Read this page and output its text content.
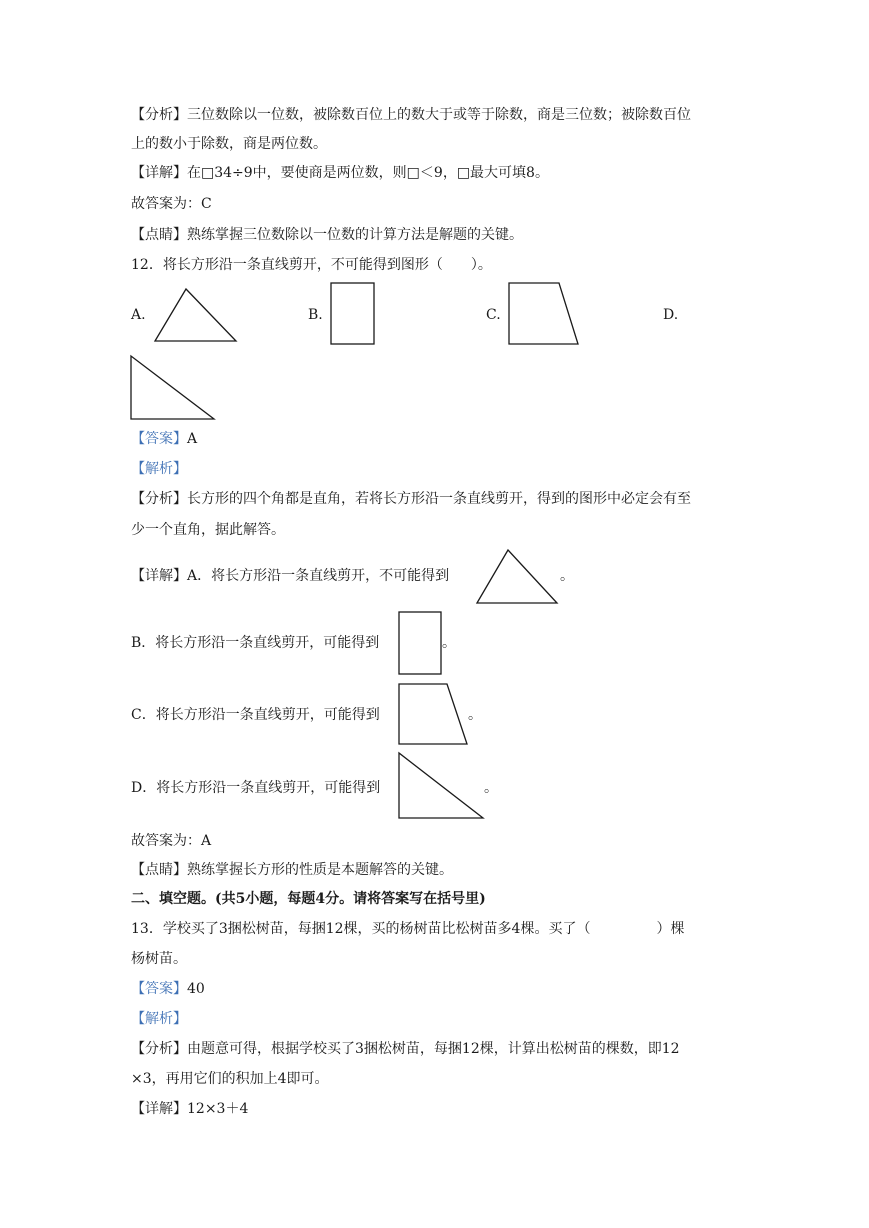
【分析】三位数除以一位数，被除数百位上的数大于或等于除数，商是三位数；被除数百位
上的数小于除数，商是两位数。
【详解】在□34÷9中，要使商是两位数，则□＜9，□最大可填8。
故答案为：C
【点睛】熟练掌握三位数除以一位数的计算方法是解题的关键。
12．将长方形沿一条直线剪开，不可能得到图形（ ）。
A.	B.	C.	D.
【答案】A
【解析】
【分析】长方形的四个角都是直角，若将长方形沿一条直线剪开，得到的图形中必定会有至
少一个直角，据此解答。
【详解】A．将长方形沿一条直线剪开，不可能得到	。
B．将长方形沿一条直线剪开，可能得到	。
C．将长方形沿一条直线剪开，可能得到	。
D．将长方形沿一条直线剪开，可能得到	。
故答案为：A
【点睛】熟练掌握长方形的性质是本题解答的关键。
二、填空题。(共5小题，每题4分。请将答案写在括号里)
13．学校买了3捆松树苗，每捆12棵，买的杨树苗比松树苗多4棵。买了（	）棵
杨树苗。
【答案】40
【解析】
【分析】由题意可得，根据学校买了3捆松树苗，每捆12棵，计算出松树苗的棵数，即12
×3，再用它们的积加上4即可。
【详解】12×3＋4
